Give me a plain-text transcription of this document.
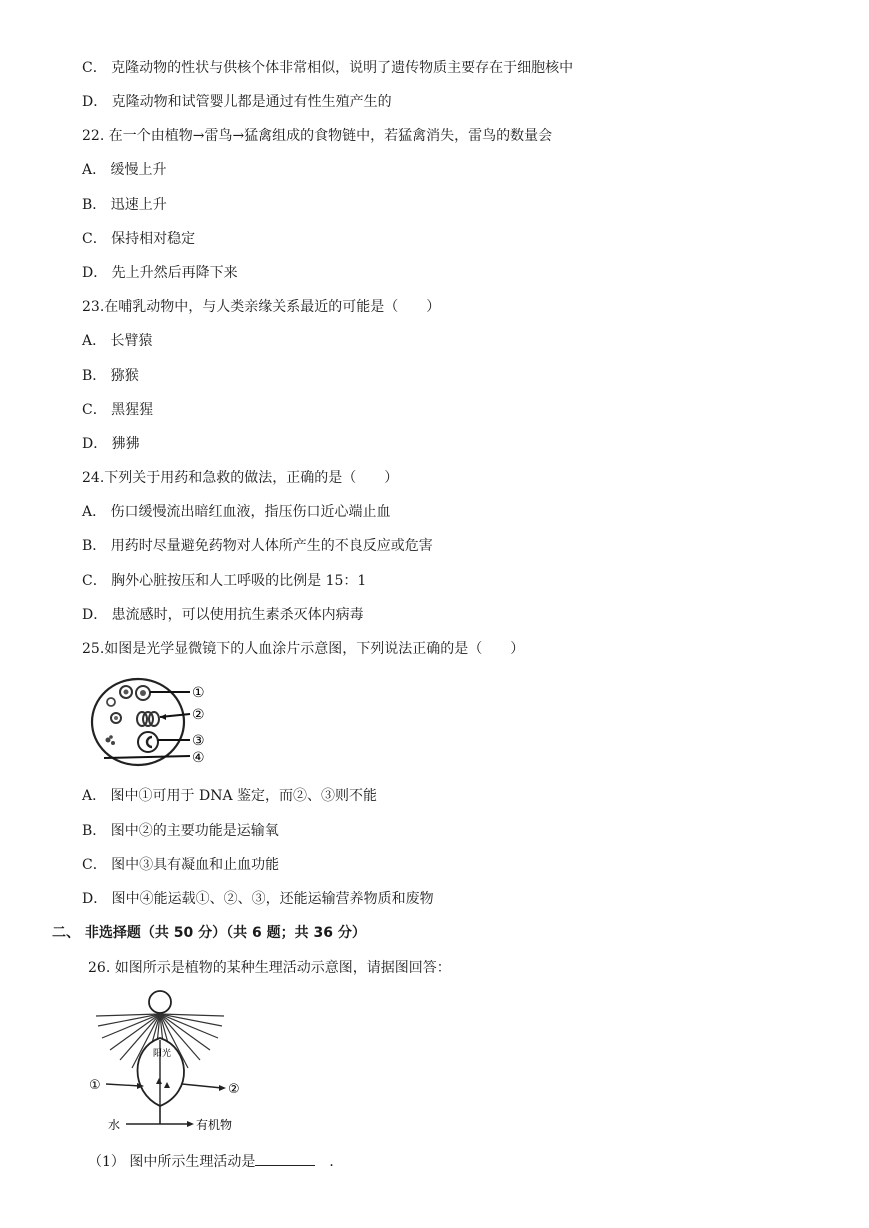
C． 克隆动物的性状与供核个体非常相似，说明了遗传物质主要存在于细胞核中
D． 克隆动物和试管婴儿都是通过有性生殖产生的
22. 在一个由植物→雷鸟→猛禽组成的食物链中，若猛禽消失，雷鸟的数量会
A． 缓慢上升
B． 迅速上升
C． 保持相对稳定
D． 先上升然后再降下来
23.在哺乳动物中，与人类亲缘关系最近的可能是（　　）
A． 长臂猿
B． 猕猴
C． 黑猩猩
D． 狒狒
24.下列关于用药和急救的做法，正确的是（　　）
A． 伤口缓慢流出暗红血液，指压伤口近心端止血
B． 用药时尽量避免药物对人体所产生的不良反应或危害
C． 胸外心脏按压和人工呼吸的比例是 15：1
D． 患流感时，可以使用抗生素杀灭体内病毒
25.如图是光学显微镜下的人血涂片示意图，下列说法正确的是（　　）
①
②
③
④
A． 图中①可用于 DNA 鉴定，而②、③则不能
B． 图中②的主要功能是运输氧
C． 图中③具有凝血和止血功能
D． 图中④能运载①、②、③，还能运输营养物质和废物
二、 非选择题（共 50 分）（共 6 题；共 36 分）
26. 如图所示是植物的某种生理活动示意图，请据图回答：
阳光
①	②
水	有机物
（1） 图中所示生理活动是	．
